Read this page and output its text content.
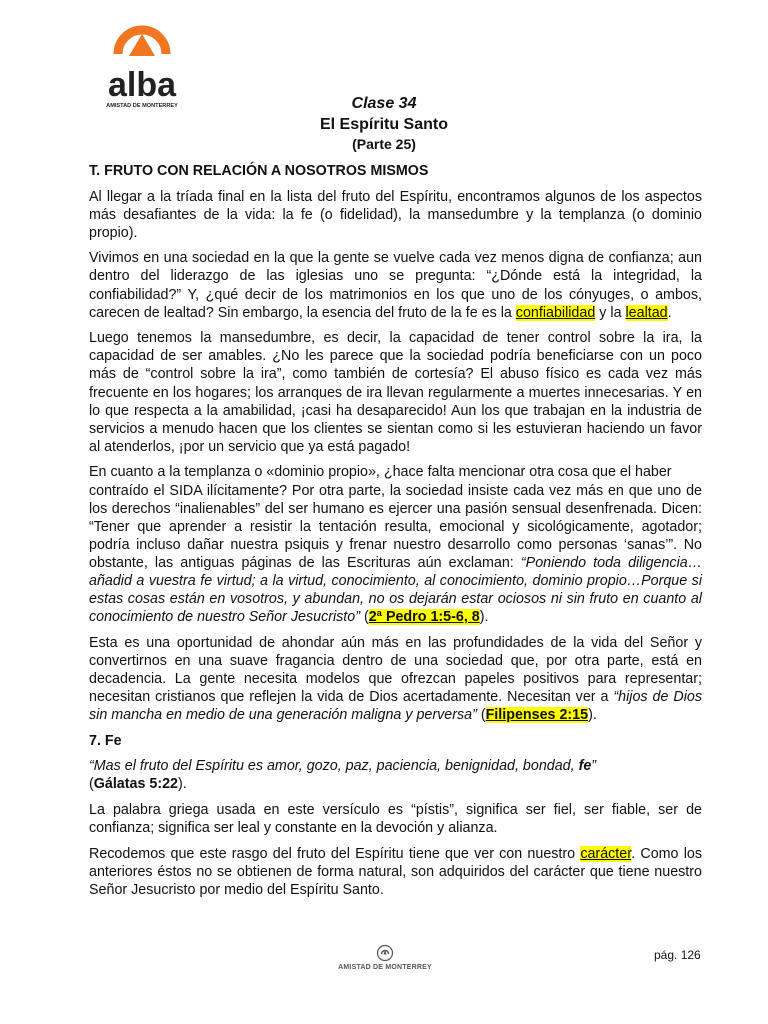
alba
AMISTAD DE MONTERREY	Clase 34
El Espíritu Santo
(Parte 25)

T. FRUTO CON RELACIÓN A NOSOTROS MISMOS

Al llegar a la tríada final en la lista del fruto del Espíritu, encontramos algunos de los aspectos más desafiantes de la vida: la fe (o fidelidad), la mansedumbre y la templanza (o dominio propio).

Vivimos en una sociedad en la que la gente se vuelve cada vez menos digna de confianza; aun dentro del liderazgo de las iglesias uno se pregunta: “¿Dónde está la integridad, la confiabilidad?” Y, ¿qué decir de los matrimonios en los que uno de los cónyuges, o ambos, carecen de lealtad? Sin embargo, la esencia del fruto de la fe es la confiabilidad y la lealtad.

Luego tenemos la mansedumbre, es decir, la capacidad de tener control sobre la ira, la capacidad de ser amables. ¿No les parece que la sociedad podría beneficiarse con un poco más de “control sobre la ira”, como también de cortesía? El abuso físico es cada vez más frecuente en los hogares; los arranques de ira llevan regularmente a muertes innecesarias. Y en lo que respecta a la amabilidad, ¡casi ha desaparecido! Aun los que trabajan en la industria de servicios a menudo hacen que los clientes se sientan como si les estuvieran haciendo un favor al atenderlos, ¡por un servicio que ya está pagado!

En cuanto a la templanza o «dominio propio», ¿hace falta mencionar otra cosa que el haber
contraído el SIDA ilícitamente? Por otra parte, la sociedad insiste cada vez más en que uno de los derechos “inalienables” del ser humano es ejercer una pasión sensual desenfrenada. Dicen: “Tener que aprender a resistir la tentación resulta, emocional y sicológicamente, agotador; podría incluso dañar nuestra psiquis y frenar nuestro desarrollo como personas ‘sanas’”. No obstante, las antiguas páginas de las Escrituras aún exclaman: “Poniendo toda diligencia…añadid a vuestra fe virtud; a la virtud, conocimiento, al conocimiento, dominio propio…Porque si estas cosas están en vosotros, y abundan, no os dejarán estar ociosos ni sin fruto en cuanto al conocimiento de nuestro Señor Jesucristo” (2ª Pedro 1:5-6, 8).

Esta es una oportunidad de ahondar aún más en las profundidades de la vida del Señor y convertirnos en una suave fragancia dentro de una sociedad que, por otra parte, está en decadencia. La gente necesita modelos que ofrezcan papeles positivos para representar; necesitan cristianos que reflejen la vida de Dios acertadamente. Necesitan ver a “hijos de Dios sin mancha en medio de una generación maligna y perversa” (Filipenses 2:15).

7. Fe

“Mas el fruto del Espíritu es amor, gozo, paz, paciencia, benignidad, bondad, fe”
(Gálatas 5:22).

La palabra griega usada en este versículo es “pístis”, significa ser fiel, ser fiable, ser de confianza; significa ser leal y constante en la devoción y alianza.

Recodemos que este rasgo del fruto del Espíritu tiene que ver con nuestro carácter. Como los anteriores éstos no se obtienen de forma natural, son adquiridos del carácter que tiene nuestro Señor Jesucristo por medio del Espíritu Santo.

AMISTAD DE MONTERREY
pág. 126
